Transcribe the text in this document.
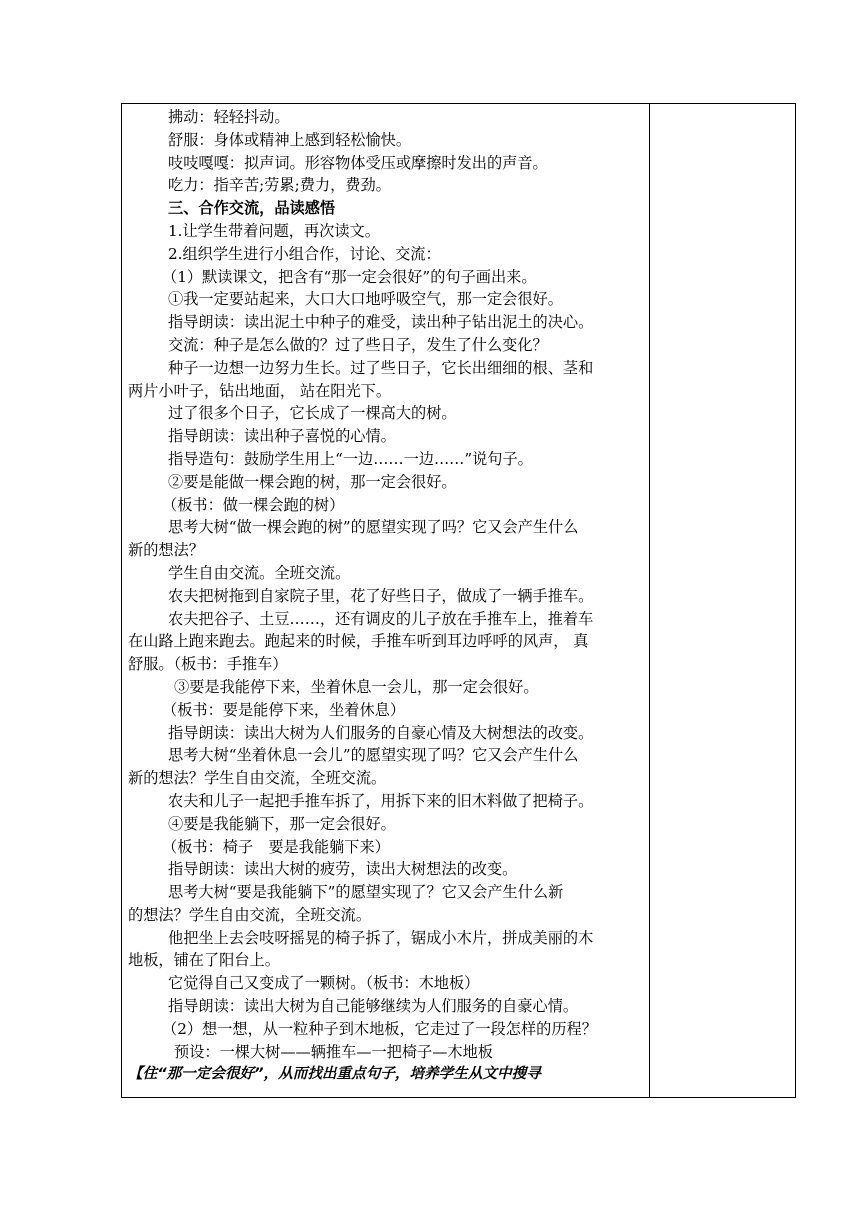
拂动：轻轻抖动。
舒服：身体或精神上感到轻松愉快。
吱吱嘎嘎：拟声词。形容物体受压或摩擦时发出的声音。
吃力：指辛苦;劳累;费力，费劲。
三、合作交流，品读感悟
1.让学生带着问题，再次读文。
2.组织学生进行小组合作，讨论、交流：
（1）默读课文，把含有“那一定会很好”的句子画出来。
①我一定要站起来，大口大口地呼吸空气，那一定会很好。
指导朗读：读出泥土中种子的难受，读出种子钻出泥土的决心。
交流：种子是怎么做的？过了些日子，发生了什么变化？
种子一边想一边努力生长。过了些日子，它长出细细的根、茎和
两片小叶子，钻出地面， 站在阳光下。
过了很多个日子，它长成了一棵高大的树。
指导朗读：读出种子喜悦的心情。
指导造句：鼓励学生用上“一边……一边……”说句子。
②要是能做一棵会跑的树，那一定会很好。
（板书：做一棵会跑的树）
思考大树“做一棵会跑的树”的愿望实现了吗？它又会产生什么
新的想法？
学生自由交流。全班交流。
农夫把树拖到自家院子里，花了好些日子，做成了一辆手推车。
农夫把谷子、土豆……，还有调皮的儿子放在手推车上，推着车
在山路上跑来跑去。跑起来的时候，手推车听到耳边呼呼的风声， 真
舒服。（板书：手推车）
③要是我能停下来，坐着休息一会儿，那一定会很好。
（板书：要是能停下来，坐着休息）
指导朗读：读出大树为人们服务的自豪心情及大树想法的改变。
思考大树“坐着休息一会儿”的愿望实现了吗？它又会产生什么
新的想法？学生自由交流，全班交流。
农夫和儿子一起把手推车拆了，用拆下来的旧木料做了把椅子。
④要是我能躺下，那一定会很好。
（板书：椅子　要是我能躺下来）
指导朗读：读出大树的疲劳，读出大树想法的改变。
思考大树“要是我能躺下”的愿望实现了？它又会产生什么新
的想法？学生自由交流，全班交流。
他把坐上去会吱呀摇晃的椅子拆了，锯成小木片，拼成美丽的木
地板，铺在了阳台上。
它觉得自己又变成了一颗树。（板书：木地板）
指导朗读：读出大树为自己能够继续为人们服务的自豪心情。
（2）想一想，从一粒种子到木地板，它走过了一段怎样的历程？
预设：一棵大树——辆推车—一把椅子—木地板
【住“那一定会很好”，从而找出重点句子，培养学生从文中搜寻
